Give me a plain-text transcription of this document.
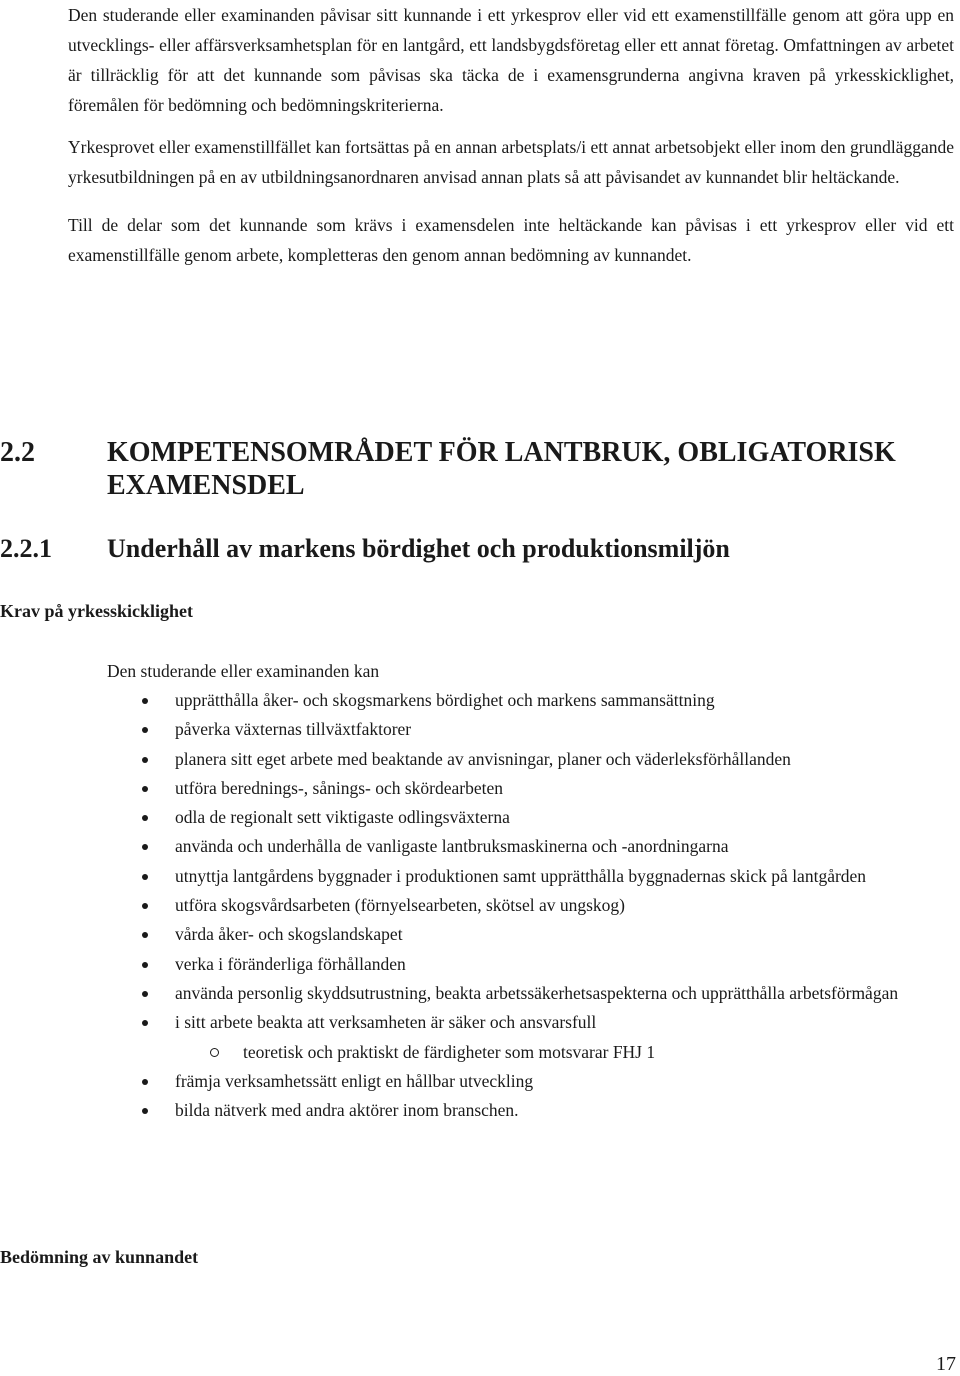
Den studerande eller examinanden påvisar sitt kunnande i ett yrkesprov eller vid ett examenstillfälle genom att göra upp en utvecklings- eller affärsverksamhetsplan för en lantgård, ett landsbygdsföretag eller ett annat företag. Omfattningen av arbetet är tillräcklig för att det kunnande som påvisas ska täcka de i examensgrunderna angivna kraven på yrkesskicklighet, föremålen för bedömning och bedömningskriterierna.

Yrkesprovet eller examenstillfället kan fortsättas på en annan arbetsplats/i ett annat arbetsobjekt eller inom den grundläggande yrkesutbildningen på en av utbildningsanordnaren anvisad annan plats så att påvisandet av kunnandet blir heltäckande.

Till de delar som det kunnande som krävs i examensdelen inte heltäckande kan påvisas i ett yrkesprov eller vid ett examenstillfälle genom arbete, kompletteras den genom annan bedömning av kunnandet.

2.2	KOMPETENSOMRÅDET FÖR LANTBRUK, OBLIGATORISK EXAMENSDEL
2.2.1	Underhåll av markens bördighet och produktionsmiljön
Krav på yrkesskicklighet

Den studerande eller examinanden kan

upprätthålla åker- och skogsmarkens bördighet och markens sammansättning
påverka växternas tillväxtfaktorer
planera sitt eget arbete med beaktande av anvisningar, planer och väderleksförhållanden
utföra berednings-, sånings- och skördearbeten
odla de regionalt sett viktigaste odlingsväxterna
använda och underhålla de vanligaste lantbruksmaskinerna och -anordningarna
utnyttja lantgårdens byggnader i produktionen samt upprätthålla byggnadernas skick på lantgården
utföra skogsvårdsarbeten (förnyelsearbeten, skötsel av ungskog)
vårda åker- och skogslandskapet
verka i föränderliga förhållanden
använda personlig skyddsutrustning, beakta arbetssäkerhetsaspekterna och upprätthålla arbetsförmågan
i sitt arbete beakta att verksamheten är säker och ansvarsfull
teoretisk och praktiskt de färdigheter som motsvarar FHJ 1
främja verksamhetssätt enligt en hållbar utveckling
bilda nätverk med andra aktörer inom branschen.
Bedömning av kunnandet
17
